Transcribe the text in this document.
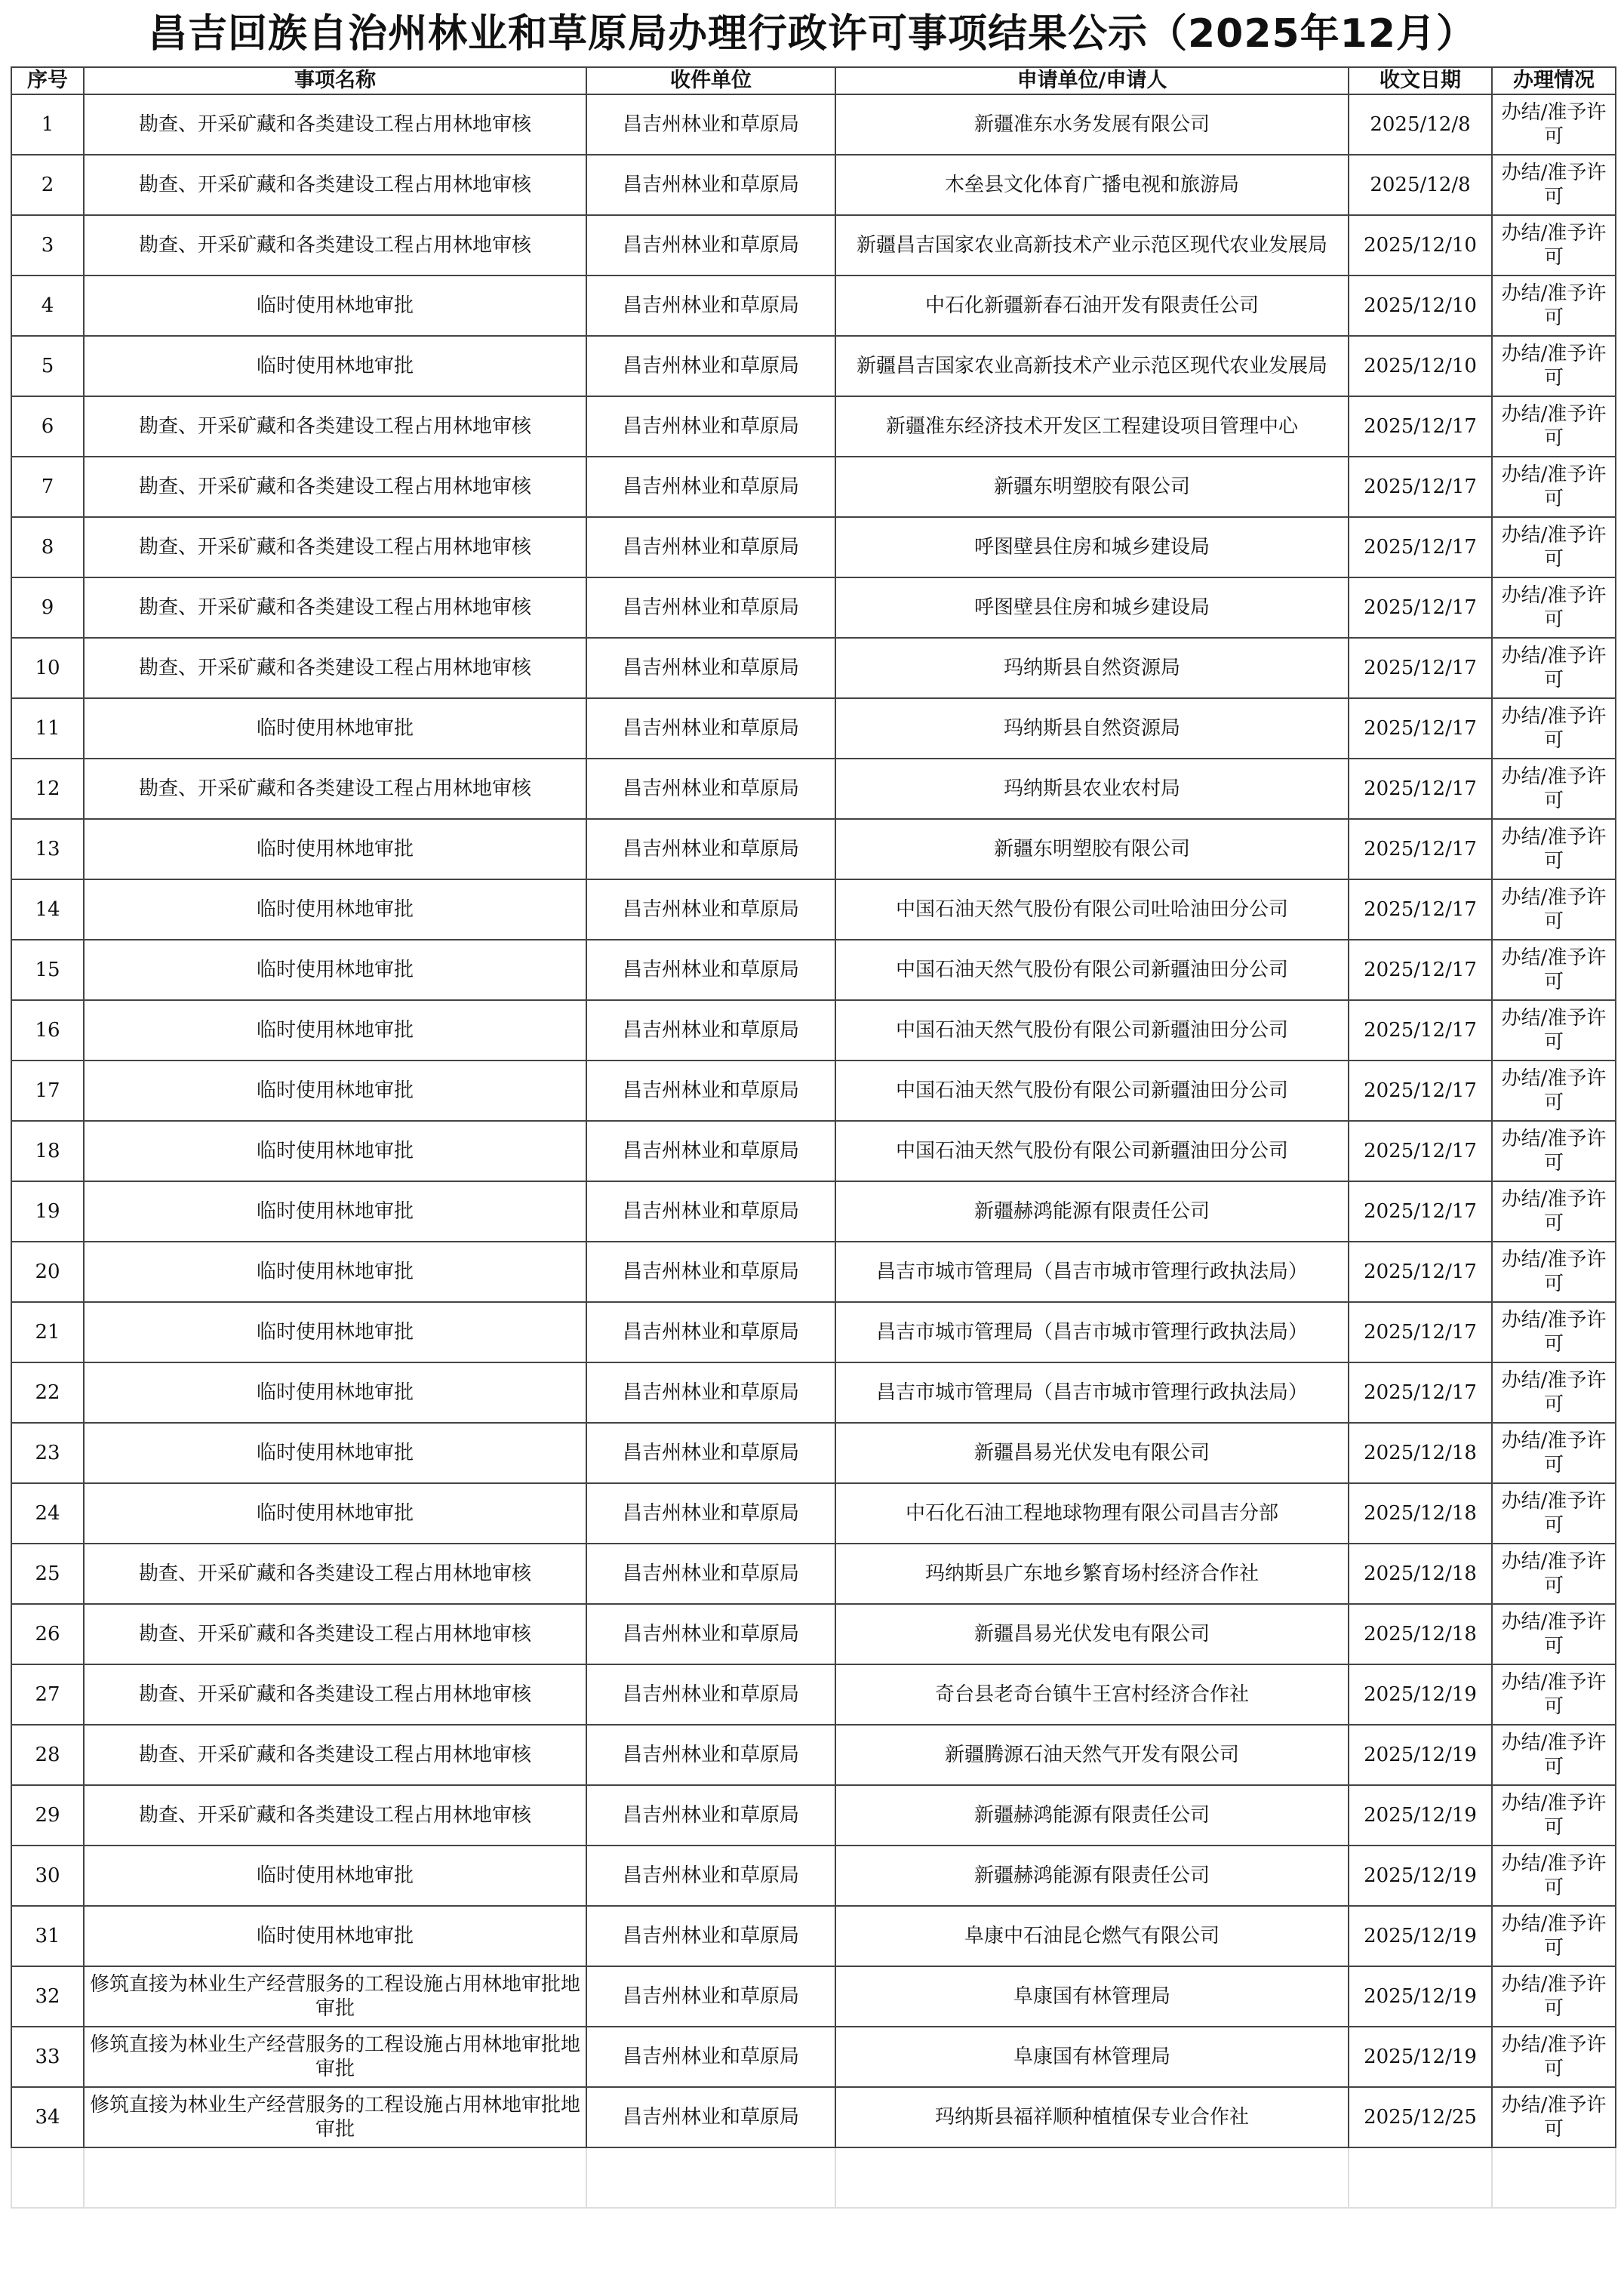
昌吉回族自治州林业和草原局办理行政许可事项结果公示（2025年12月）
序号	事项名称	收件单位	申请单位/申请人	收文日期	办理情况
1	勘查、开采矿藏和各类建设工程占用林地审核	昌吉州林业和草原局	新疆准东水务发展有限公司	2025/12/8	办结/准予许可
2	勘查、开采矿藏和各类建设工程占用林地审核	昌吉州林业和草原局	木垒县文化体育广播电视和旅游局	2025/12/8	办结/准予许可
3	勘查、开采矿藏和各类建设工程占用林地审核	昌吉州林业和草原局	新疆昌吉国家农业高新技术产业示范区现代农业发展局	2025/12/10	办结/准予许可
4	临时使用林地审批	昌吉州林业和草原局	中石化新疆新春石油开发有限责任公司	2025/12/10	办结/准予许可
5	临时使用林地审批	昌吉州林业和草原局	新疆昌吉国家农业高新技术产业示范区现代农业发展局	2025/12/10	办结/准予许可
6	勘查、开采矿藏和各类建设工程占用林地审核	昌吉州林业和草原局	新疆准东经济技术开发区工程建设项目管理中心	2025/12/17	办结/准予许可
7	勘查、开采矿藏和各类建设工程占用林地审核	昌吉州林业和草原局	新疆东明塑胶有限公司	2025/12/17	办结/准予许可
8	勘查、开采矿藏和各类建设工程占用林地审核	昌吉州林业和草原局	呼图壁县住房和城乡建设局	2025/12/17	办结/准予许可
9	勘查、开采矿藏和各类建设工程占用林地审核	昌吉州林业和草原局	呼图壁县住房和城乡建设局	2025/12/17	办结/准予许可
10	勘查、开采矿藏和各类建设工程占用林地审核	昌吉州林业和草原局	玛纳斯县自然资源局	2025/12/17	办结/准予许可
11	临时使用林地审批	昌吉州林业和草原局	玛纳斯县自然资源局	2025/12/17	办结/准予许可
12	勘查、开采矿藏和各类建设工程占用林地审核	昌吉州林业和草原局	玛纳斯县农业农村局	2025/12/17	办结/准予许可
13	临时使用林地审批	昌吉州林业和草原局	新疆东明塑胶有限公司	2025/12/17	办结/准予许可
14	临时使用林地审批	昌吉州林业和草原局	中国石油天然气股份有限公司吐哈油田分公司	2025/12/17	办结/准予许可
15	临时使用林地审批	昌吉州林业和草原局	中国石油天然气股份有限公司新疆油田分公司	2025/12/17	办结/准予许可
16	临时使用林地审批	昌吉州林业和草原局	中国石油天然气股份有限公司新疆油田分公司	2025/12/17	办结/准予许可
17	临时使用林地审批	昌吉州林业和草原局	中国石油天然气股份有限公司新疆油田分公司	2025/12/17	办结/准予许可
18	临时使用林地审批	昌吉州林业和草原局	中国石油天然气股份有限公司新疆油田分公司	2025/12/17	办结/准予许可
19	临时使用林地审批	昌吉州林业和草原局	新疆赫鸿能源有限责任公司	2025/12/17	办结/准予许可
20	临时使用林地审批	昌吉州林业和草原局	昌吉市城市管理局（昌吉市城市管理行政执法局）	2025/12/17	办结/准予许可
21	临时使用林地审批	昌吉州林业和草原局	昌吉市城市管理局（昌吉市城市管理行政执法局）	2025/12/17	办结/准予许可
22	临时使用林地审批	昌吉州林业和草原局	昌吉市城市管理局（昌吉市城市管理行政执法局）	2025/12/17	办结/准予许可
23	临时使用林地审批	昌吉州林业和草原局	新疆昌易光伏发电有限公司	2025/12/18	办结/准予许可
24	临时使用林地审批	昌吉州林业和草原局	中石化石油工程地球物理有限公司昌吉分部	2025/12/18	办结/准予许可
25	勘查、开采矿藏和各类建设工程占用林地审核	昌吉州林业和草原局	玛纳斯县广东地乡繁育场村经济合作社	2025/12/18	办结/准予许可
26	勘查、开采矿藏和各类建设工程占用林地审核	昌吉州林业和草原局	新疆昌易光伏发电有限公司	2025/12/18	办结/准予许可
27	勘查、开采矿藏和各类建设工程占用林地审核	昌吉州林业和草原局	奇台县老奇台镇牛王宫村经济合作社	2025/12/19	办结/准予许可
28	勘查、开采矿藏和各类建设工程占用林地审核	昌吉州林业和草原局	新疆腾源石油天然气开发有限公司	2025/12/19	办结/准予许可
29	勘查、开采矿藏和各类建设工程占用林地审核	昌吉州林业和草原局	新疆赫鸿能源有限责任公司	2025/12/19	办结/准予许可
30	临时使用林地审批	昌吉州林业和草原局	新疆赫鸿能源有限责任公司	2025/12/19	办结/准予许可
31	临时使用林地审批	昌吉州林业和草原局	阜康中石油昆仑燃气有限公司	2025/12/19	办结/准予许可
32	修筑直接为林业生产经营服务的工程设施占用林地审批地审批	昌吉州林业和草原局	阜康国有林管理局	2025/12/19	办结/准予许可
33	修筑直接为林业生产经营服务的工程设施占用林地审批地审批	昌吉州林业和草原局	阜康国有林管理局	2025/12/19	办结/准予许可
34	修筑直接为林业生产经营服务的工程设施占用林地审批地审批	昌吉州林业和草原局	玛纳斯县福祥顺种植植保专业合作社	2025/12/25	办结/准予许可
